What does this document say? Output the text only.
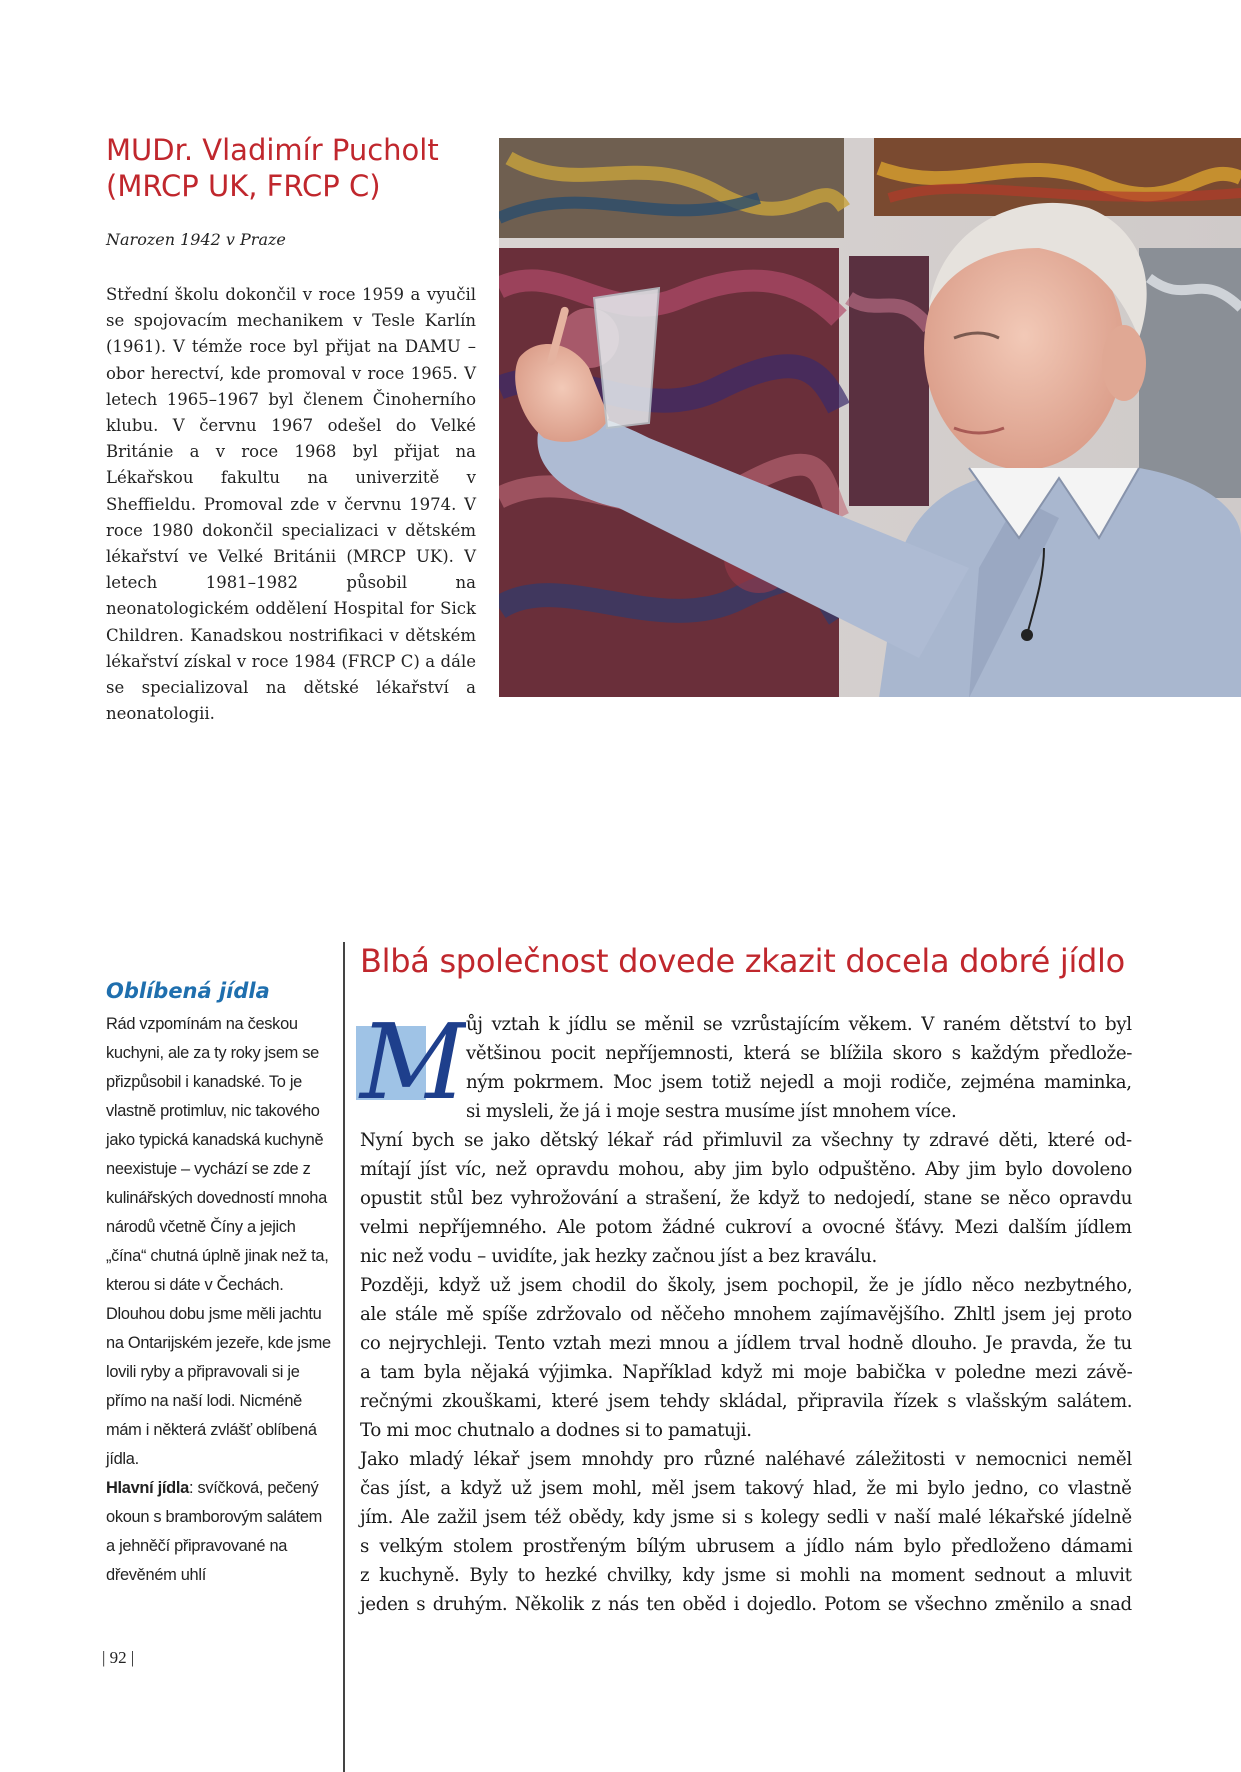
MUDr. Vladimír Pucholt
(MRCP UK, FRCP C)
Narozen 1942 v Praze
Střední školu dokončil v roce 1959 a vyučil se spojovacím mechanikem v Tesle Karlín (1961). V témže roce byl přijat na DAMU – obor herectví, kde promoval v roce 1965. V letech 1965–1967 byl členem Činoherního klubu. V červnu 1967 odešel do Velké Británie a v roce 1968 byl přijat na Lékařskou fakultu na univerzitě v Sheffieldu. Promoval zde v červnu 1974. V roce 1980 dokončil specializaci v dětském lékařství ve Velké Británii (MRCP UK). V letech 1981–1982 působil na neonatologickém oddělení Hospital for Sick Children. Kanadskou nostrifikaci v dětském lékařství získal v roce 1984 (FRCP C) a dále se specializoval na dětské lékařství a neonatologii.
Oblíbená jídla

Rád vzpomínám na českou kuchyni, ale za ty roky jsem se přizpůsobil i kanadské. To je vlastně protimluv, nic takového jako typická kanadská kuchyně neexistuje – vychází se zde z kulinářských dovedností mnoha národů včetně Číny a jejich „čína“ chutná úplně jinak než ta, kterou si dáte v Čechách.

Dlouhou dobu jsme měli jachtu na Ontarijském jezeře, kde jsme lovili ryby a připravovali si je přímo na naší lodi. Nicméně mám i některá zvlášť oblíbená jídla.

Hlavní jídla: svíčková, pečený okoun s bramborovým salátem a jehněčí připravované na dřevěném uhlí

| 92 |
Blbá společnost dovede zkazit docela dobré jídlo
M ůj vztah k jídlu se měnil se vzrůstajícím věkem. V raném dětství to byl
většinou pocit nepříjemnosti, která se blížila skoro s každým předlože-
ným pokrmem. Moc jsem totiž nejedl a moji rodiče, zejména maminka,
si mysleli, že já i moje sestra musíme jíst mnohem více.
Nyní bych se jako dětský lékař rád přimluvil za všechny ty zdravé děti, které od-
mítají jíst víc, než opravdu mohou, aby jim bylo odpuštěno. Aby jim bylo dovoleno
opustit stůl bez vyhrožování a strašení, že když to nedojedí, stane se něco opravdu
velmi nepříjemného. Ale potom žádné cukroví a ovocné šťávy. Mezi dalším jídlem
nic než vodu – uvidíte, jak hezky začnou jíst a bez kraválu.
Později, když už jsem chodil do školy, jsem pochopil, že je jídlo něco nezbytného,
ale stále mě spíše zdržovalo od něčeho mnohem zajímavějšího. Zhltl jsem jej proto
co nejrychleji. Tento vztah mezi mnou a jídlem trval hodně dlouho. Je pravda, že tu
a tam byla nějaká výjimka. Například když mi moje babička v poledne mezi závě-
rečnými zkouškami, které jsem tehdy skládal, připravila řízek s vlašským salátem.
To mi moc chutnalo a dodnes si to pamatuji.
Jako mladý lékař jsem mnohdy pro různé naléhavé záležitosti v nemocnici neměl
čas jíst, a když už jsem mohl, měl jsem takový hlad, že mi bylo jedno, co vlastně
jím. Ale zažil jsem též obědy, kdy jsme si s kolegy sedli v naší malé lékařské jídelně
s velkým stolem prostřeným bílým ubrusem a jídlo nám bylo předloženo dámami
z kuchyně. Byly to hezké chvilky, kdy jsme si mohli na moment sednout a mluvit
jeden s druhým. Několik z nás ten oběd i dojedlo. Potom se všechno změnilo a snad
